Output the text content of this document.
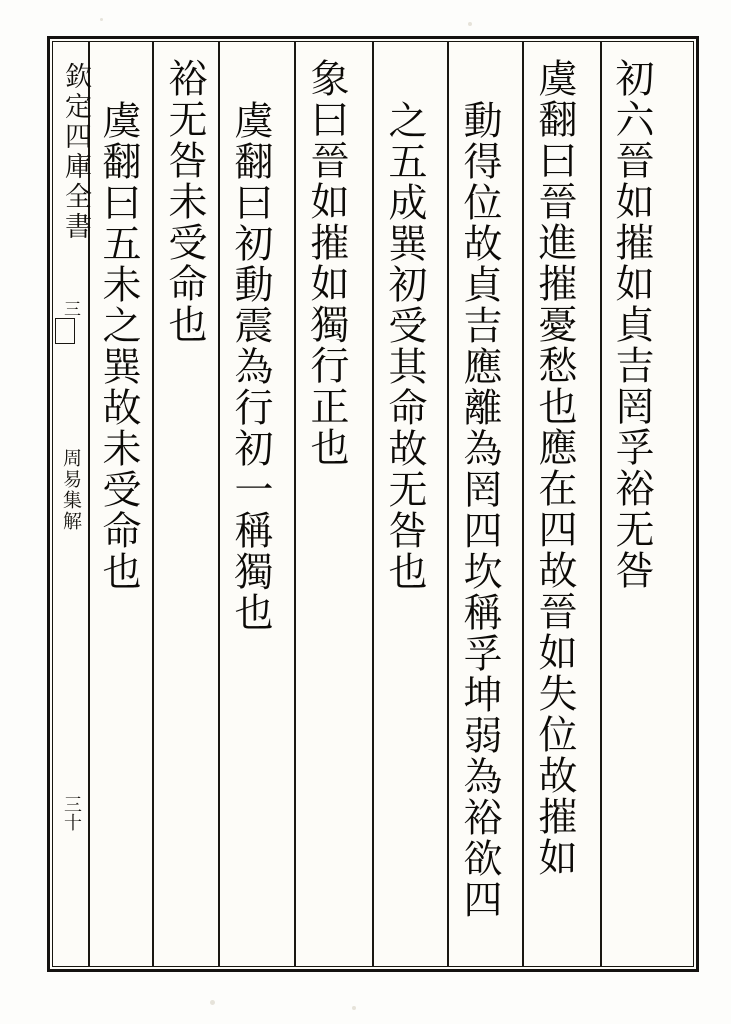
欽定四庫全書
三
周易集解
三十
初六晉如摧如貞吉罔孚裕无咎
虞翻曰晉進摧憂愁也應在四故晉如失位故摧如
動得位故貞吉應離為罔四坎稱孚坤弱為裕欲四
之五成巽初受其命故无咎也
象曰晉如摧如獨行正也
虞翻曰初動震為行初一稱獨也
裕无咎未受命也
虞翻曰五未之巽故未受命也
